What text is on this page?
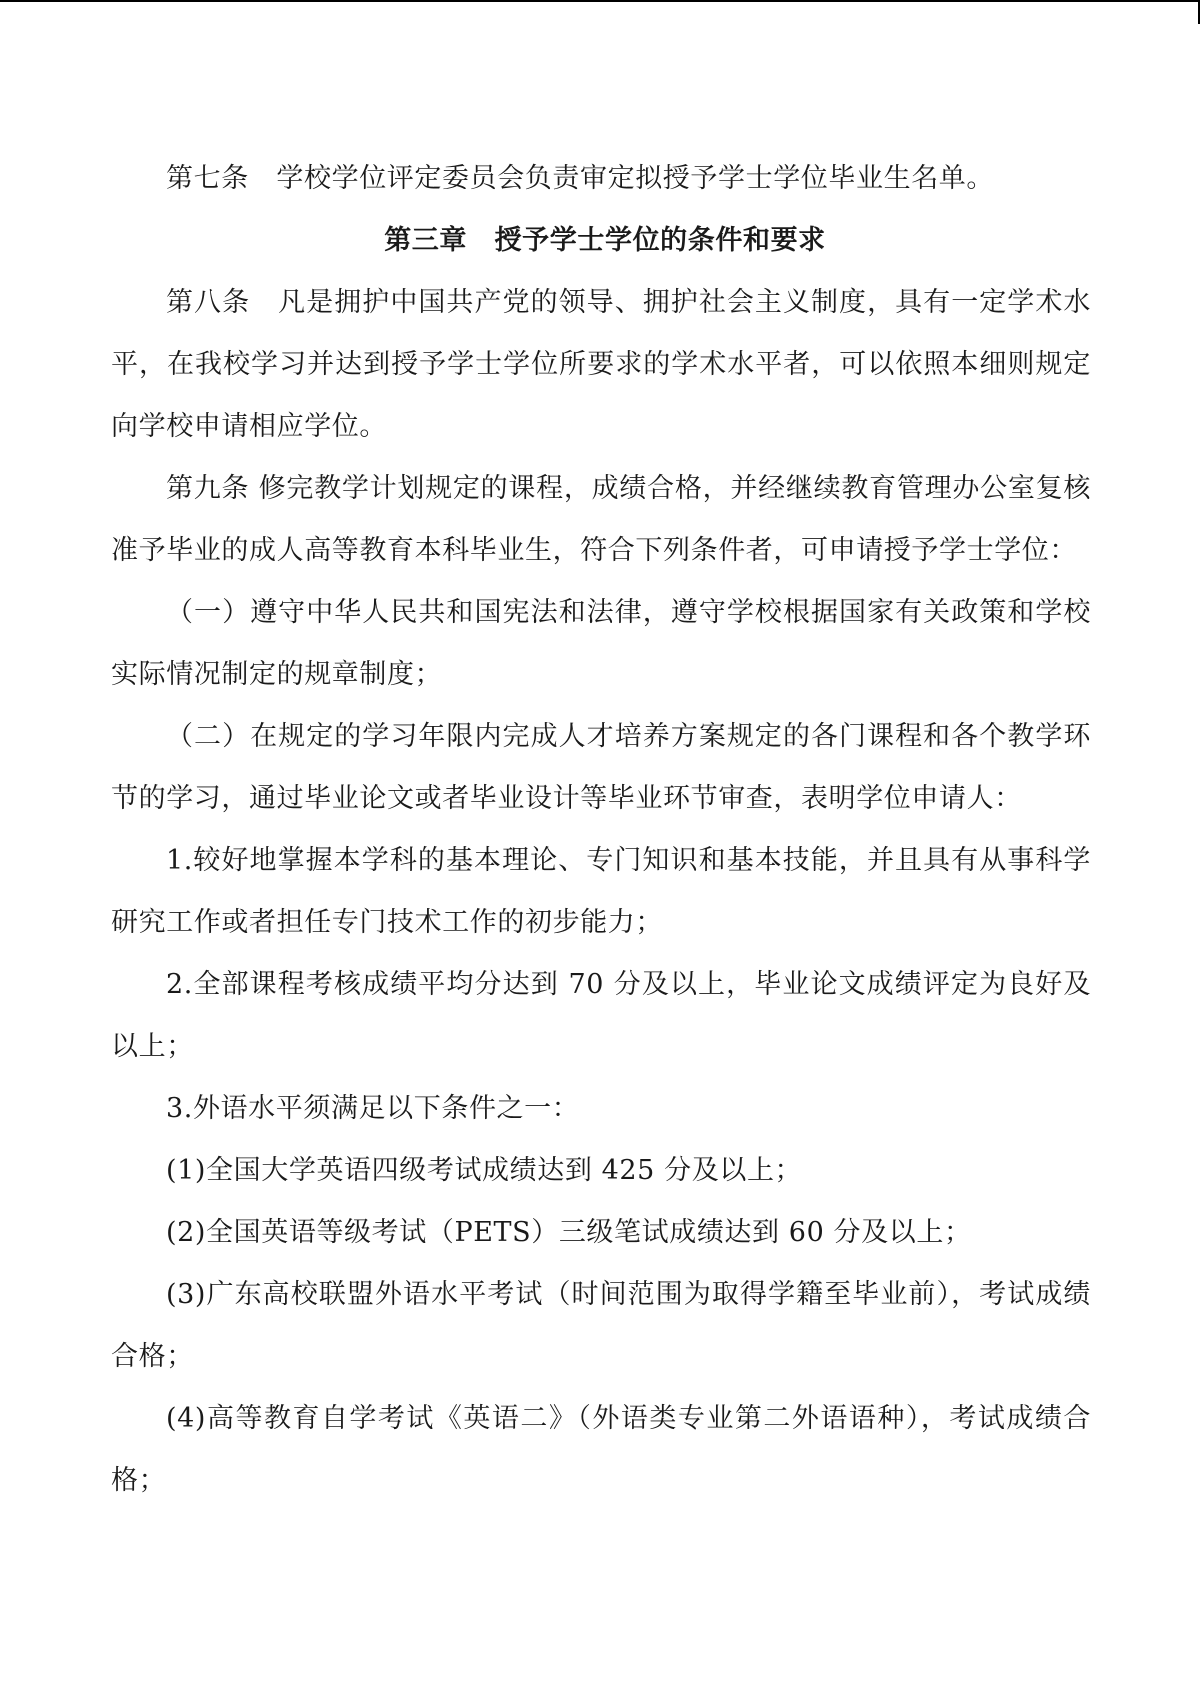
第七条　学校学位评定委员会负责审定拟授予学士学位毕业生名单。

第三章　授予学士学位的条件和要求

第八条　凡是拥护中国共产党的领导、拥护社会主义制度，具有一定学术水平，在我校学习并达到授予学士学位所要求的学术水平者，可以依照本细则规定向学校申请相应学位。

第九条 修完教学计划规定的课程，成绩合格，并经继续教育管理办公室复核准予毕业的成人高等教育本科毕业生，符合下列条件者，可申请授予学士学位：

（一）遵守中华人民共和国宪法和法律，遵守学校根据国家有关政策和学校实际情况制定的规章制度；

（二）在规定的学习年限内完成人才培养方案规定的各门课程和各个教学环节的学习，通过毕业论文或者毕业设计等毕业环节审查，表明学位申请人：

1.较好地掌握本学科的基本理论、专门知识和基本技能，并且具有从事科学研究工作或者担任专门技术工作的初步能力；

2.全部课程考核成绩平均分达到 70 分及以上，毕业论文成绩评定为良好及以上；

3.外语水平须满足以下条件之一：

(1)全国大学英语四级考试成绩达到 425 分及以上；

(2)全国英语等级考试（PETS）三级笔试成绩达到 60 分及以上；

(3)广东高校联盟外语水平考试（时间范围为取得学籍至毕业前），考试成绩合格；

(4)高等教育自学考试《英语二》（外语类专业第二外语语种），考试成绩合格；
